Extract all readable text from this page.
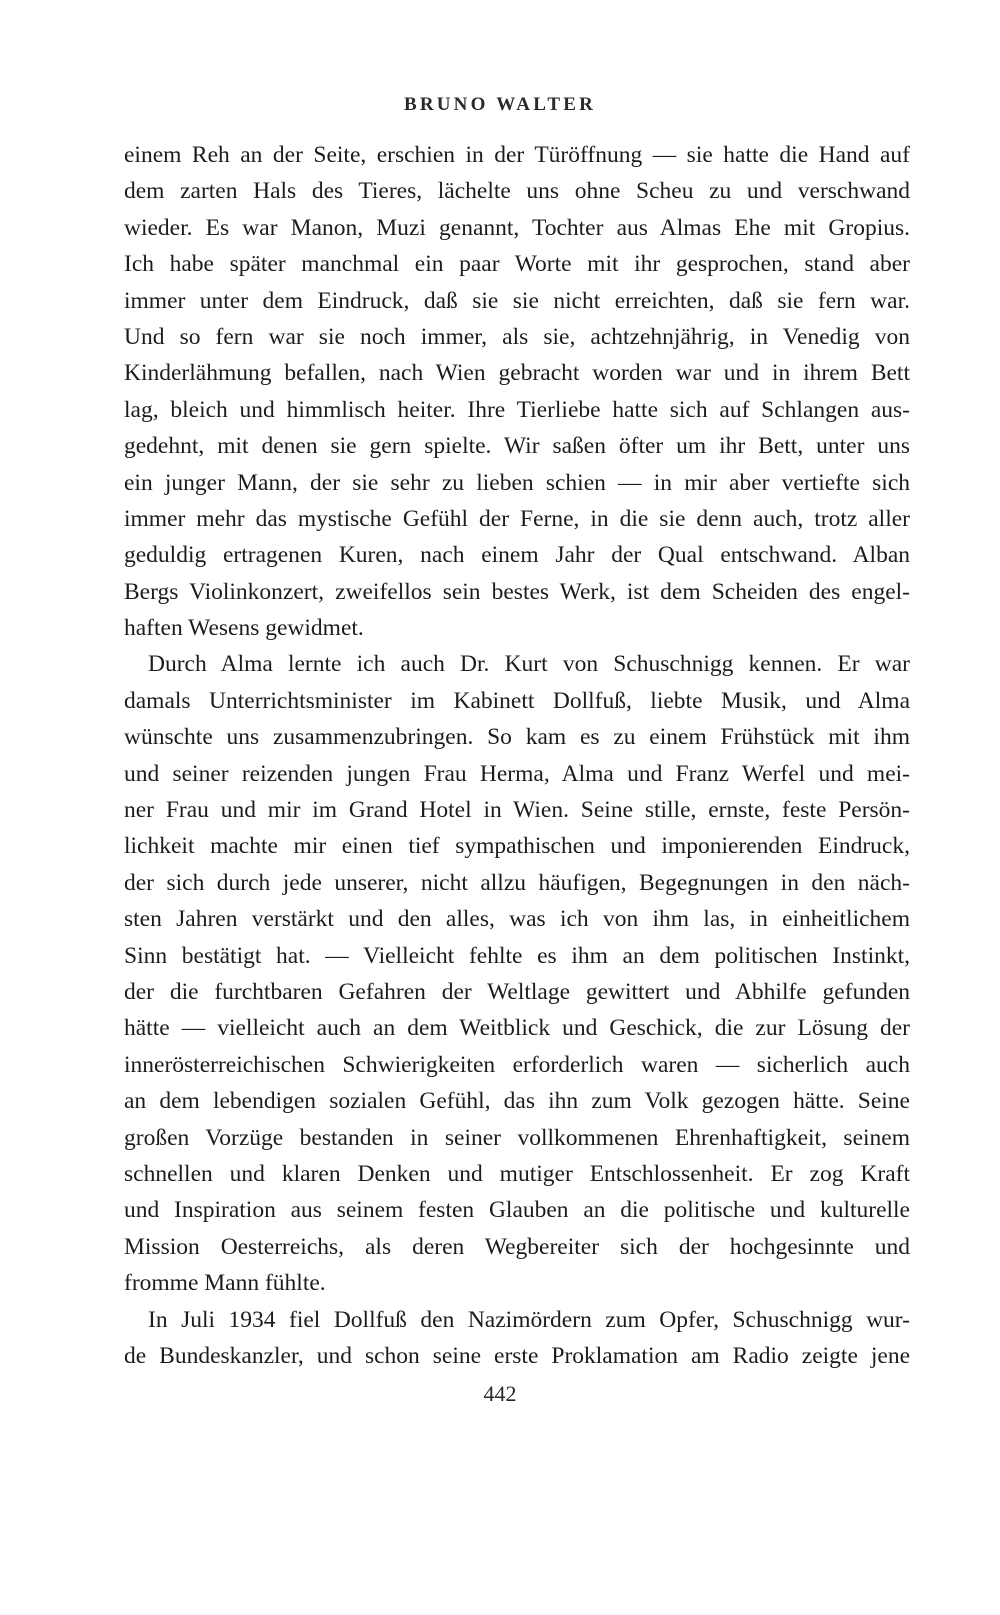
BRUNO WALTER
einem Reh an der Seite, erschien in der Türöffnung — sie hatte die Hand auf
dem zarten Hals des Tieres, lächelte uns ohne Scheu zu und verschwand
wieder. Es war Manon, Muzi genannt, Tochter aus Almas Ehe mit Gropius.
Ich habe später manchmal ein paar Worte mit ihr gesprochen, stand aber
immer unter dem Eindruck, daß sie sie nicht erreichten, daß sie fern war.
Und so fern war sie noch immer, als sie, achtzehnjährig, in Venedig von
Kinderlähmung befallen, nach Wien gebracht worden war und in ihrem Bett
lag, bleich und himmlisch heiter. Ihre Tierliebe hatte sich auf Schlangen aus-
gedehnt, mit denen sie gern spielte. Wir saßen öfter um ihr Bett, unter uns
ein junger Mann, der sie sehr zu lieben schien — in mir aber vertiefte sich
immer mehr das mystische Gefühl der Ferne, in die sie denn auch, trotz aller
geduldig ertragenen Kuren, nach einem Jahr der Qual entschwand. Alban
Bergs Violinkonzert, zweifellos sein bestes Werk, ist dem Scheiden des engel-
haften Wesens gewidmet.
Durch Alma lernte ich auch Dr. Kurt von Schuschnigg kennen. Er war
damals Unterrichtsminister im Kabinett Dollfuß, liebte Musik, und Alma
wünschte uns zusammenzubringen. So kam es zu einem Frühstück mit ihm
und seiner reizenden jungen Frau Herma, Alma und Franz Werfel und mei-
ner Frau und mir im Grand Hotel in Wien. Seine stille, ernste, feste Persön-
lichkeit machte mir einen tief sympathischen und imponierenden Eindruck,
der sich durch jede unserer, nicht allzu häufigen, Begegnungen in den näch-
sten Jahren verstärkt und den alles, was ich von ihm las, in einheitlichem
Sinn bestätigt hat. — Vielleicht fehlte es ihm an dem politischen Instinkt,
der die furchtbaren Gefahren der Weltlage gewittert und Abhilfe gefunden
hätte — vielleicht auch an dem Weitblick und Geschick, die zur Lösung der
innerösterreichischen Schwierigkeiten erforderlich waren — sicherlich auch
an dem lebendigen sozialen Gefühl, das ihn zum Volk gezogen hätte. Seine
großen Vorzüge bestanden in seiner vollkommenen Ehrenhaftigkeit, seinem
schnellen und klaren Denken und mutiger Entschlossenheit. Er zog Kraft
und Inspiration aus seinem festen Glauben an die politische und kulturelle
Mission Oesterreichs, als deren Wegbereiter sich der hochgesinnte und
fromme Mann fühlte.
In Juli 1934 fiel Dollfuß den Nazimördern zum Opfer, Schuschnigg wur-
de Bundeskanzler, und schon seine erste Proklamation am Radio zeigte jene
442
